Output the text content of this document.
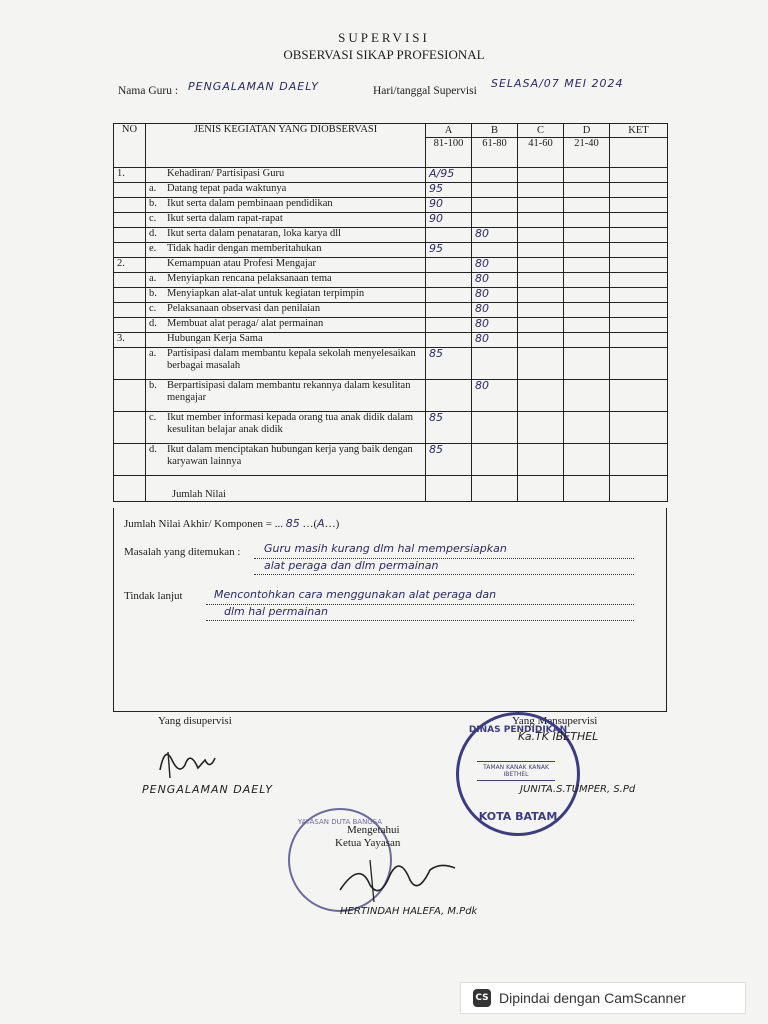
SUPERVISI
OBSERVASI SIKAP PROFESIONAL
Nama Guru : PENGALAMAN DAELY	Hari/tanggal Supervisi
SELASA/07 MEI 2024
NO	JENIS KEGIATAN YANG DIOBSERVASI	A	B	C	D	KET
		81-100	61-80	41-60	21-40	
1.	Kehadiran/ Partisipasi Guru	A/95				

	a. Datang tepat pada waktunya	95				

	b. Ikut serta dalam pembinaan pendidikan	90				

	c. Ikut serta dalam rapat-rapat	90				

	d. Ikut serta dalam penataran, loka karya dll		80			

	e. Tidak hadir dengan memberitahukan	95				
2.	Kemampuan atau Profesi Mengajar		80			

	a. Menyiapkan rencana pelaksanaan tema		80			

	b. Menyiapkan alat-alat untuk kegiatan terpimpin		80			

	c. Pelaksanaan observasi dan penilaian		80			

	d. Membuat alat peraga/ alat permainan		80			
3.	Hubungan Kerja Sama		80			

	a. Partisipasi dalam membantu kepala sekolah menyelesaikan berbagai masalah	85				

	b. Berpartisipasi dalam membantu rekannya dalam kesulitan mengajar		80			

	c. Ikut member informasi kepada orang tua anak didik dalam kesulitan belajar anak didik	85				

	d. Ikut dalam menciptakan hubungan kerja yang baik dengan karyawan lainnya	85				
	Jumlah Nilai					
Jumlah Nilai Akhir/ Komponen = ... 85 …(A…)
Masalah yang ditemukan : Guru masih kurang dlm hal mempersiapkan
alat peraga dan dlm permainan
Tindak lanjut	Mencontohkan cara menggunakan alat peraga dan
dlm hal permainan
Yang disupervisi
PENGALAMAN DAELY
Yang Mensupervisi
DINAS PENDIDIKAN
TAMAN KANAK KANAK IBETHEL
KOTA BATAM
Ka.TK IBETHEL
JUNITA.S.TUMPER, S.Pd
YAYASAN DUTA BANGSA
Mengetahui
Ketua Yayasan
HERTINDAH HALEFA, M.Pdk
CS Dipindai dengan CamScanner
